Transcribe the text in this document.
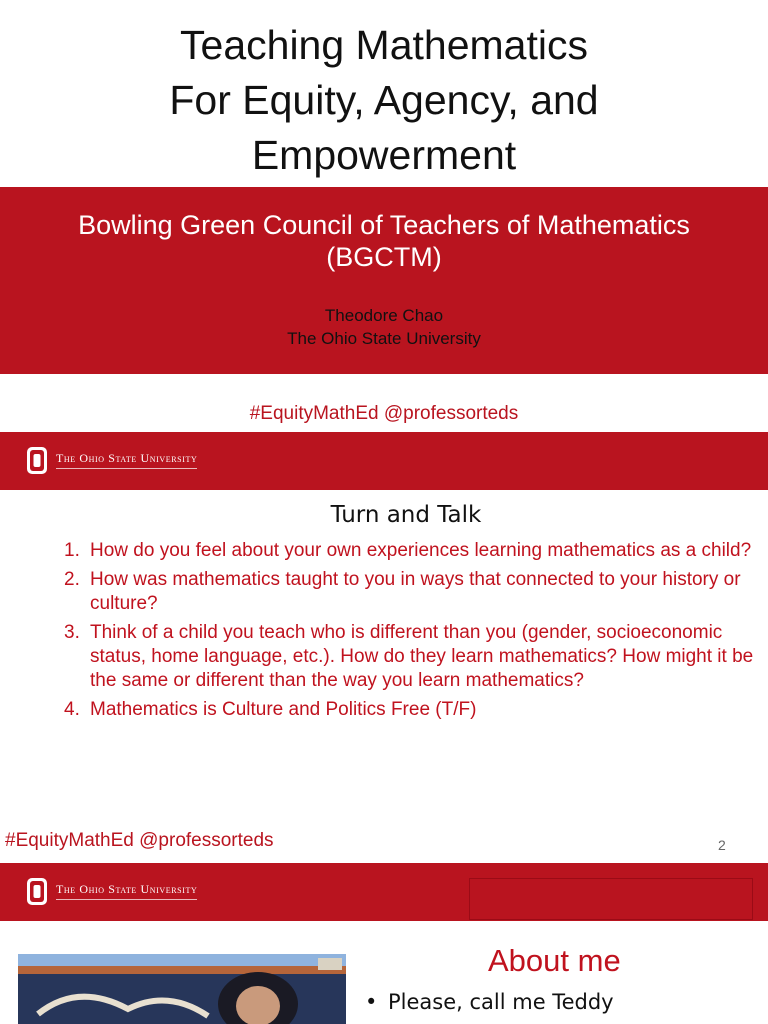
Teaching Mathematics
For Equity, Agency, and
Empowerment
Bowling Green Council of Teachers of Mathematics
(BGCTM)
Theodore Chao
The Ohio State University
#EquityMathEd @professorteds
The Ohio State University
Turn and Talk
1. How do you feel about your own experiences learning mathematics as a child?
2. How was mathematics taught to you in ways that connected to your history or culture?
3. Think of a child you teach who is different than you (gender, socioeconomic status, home language, etc.). How do they learn mathematics? How might it be the same or different than the way you learn mathematics?
4. Mathematics is Culture and Politics Free (T/F)
#EquityMathEd @professorteds	2
The Ohio State University
About me
• Please, call me Teddy
